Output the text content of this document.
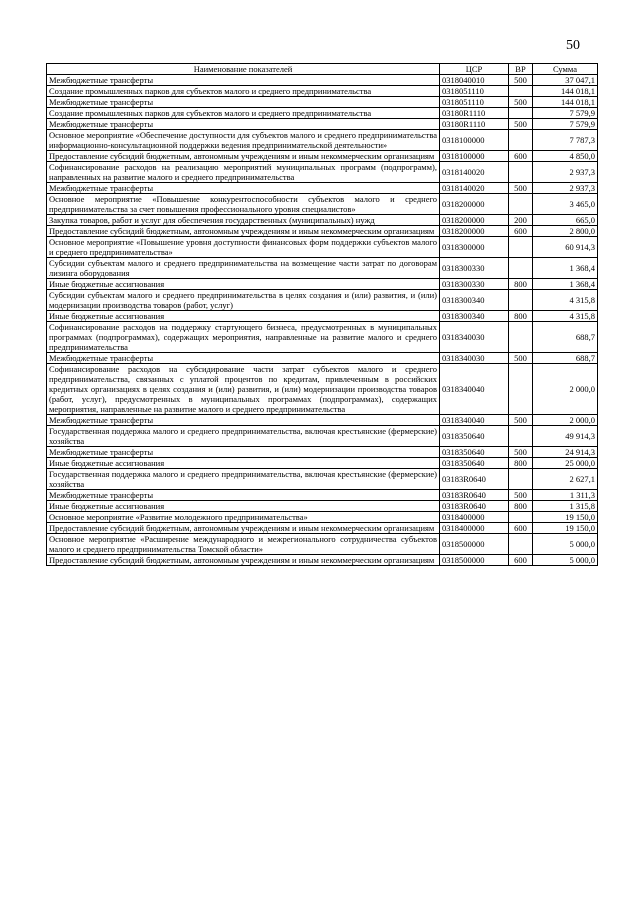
50
Наименование показателей	ЦСР	ВР	Сумма
Межбюджетные трансферты	0318040010	500	37 047,1
Создание промышленных парков для субъектов малого и среднего предпринимательства	0318051110		144 018,1
Межбюджетные трансферты	0318051110	500	144 018,1
Создание промышленных парков для субъектов малого и среднего предпринимательства	03180R1110		7 579,9
Межбюджетные трансферты	03180R1110	500	7 579,9
Основное мероприятие «Обеспечение доступности для субъектов малого и среднего предпринимательства информационно-консультационной поддержки ведения предпринимательской деятельности»	0318100000		7 787,3
Предоставление субсидий бюджетным, автономным учреждениям и иным некоммерческим организациям	0318100000	600	4 850,0
Софинансирование расходов на реализацию мероприятий муниципальных программ (подпрограмм), направленных на развитие малого и среднего предпринимательства	0318140020		2 937,3
Межбюджетные трансферты	0318140020	500	2 937,3
Основное мероприятие «Повышение конкурентоспособности субъектов малого и среднего предпринимательства за счет повышения профессионального уровня специалистов»	0318200000		3 465,0
Закупка товаров, работ и услуг для обеспечения государственных (муниципальных) нужд	0318200000	200	665,0
Предоставление субсидий бюджетным, автономным учреждениям и иным некоммерческим организациям	0318200000	600	2 800,0
Основное мероприятие «Повышение уровня доступности финансовых форм поддержки субъектов малого и среднего предпринимательства»	0318300000		60 914,3
Субсидии субъектам малого и среднего предпринимательства на возмещение части затрат по договорам лизинга оборудования	0318300330		1 368,4
Иные бюджетные ассигнования	0318300330	800	1 368,4
Субсидии субъектам малого и среднего предпринимательства в целях создания и (или) развития, и (или) модернизации производства товаров (работ, услуг)	0318300340		4 315,8
Иные бюджетные ассигнования	0318300340	800	4 315,8
Софинансирование расходов на поддержку стартующего бизнеса, предусмотренных в муниципальных программах (подпрограммах), содержащих мероприятия, направленные на развитие малого и среднего предпринимательства	0318340030		688,7
Межбюджетные трансферты	0318340030	500	688,7
Софинансирование расходов на субсидирование части затрат субъектов малого и среднего предпринимательства, связанных с уплатой процентов по кредитам, привлеченным в российских кредитных организациях в целях создания и (или) развития, и (или) модернизации производства товаров (работ, услуг), предусмотренных в муниципальных программах (подпрограммах), содержащих мероприятия, направленные на развитие малого и среднего предпринимательства	0318340040		2 000,0
Межбюджетные трансферты	0318340040	500	2 000,0
Государственная поддержка малого и среднего предпринимательства, включая крестьянские (фермерские) хозяйства	0318350640		49 914,3
Межбюджетные трансферты	0318350640	500	24 914,3
Иные бюджетные ассигнования	0318350640	800	25 000,0
Государственная поддержка малого и среднего предпринимательства, включая крестьянские (фермерские) хозяйства	03183R0640		2 627,1
Межбюджетные трансферты	03183R0640	500	1 311,3
Иные бюджетные ассигнования	03183R0640	800	1 315,8
Основное мероприятие «Развитие молодежного предпринимательства»	0318400000		19 150,0
Предоставление субсидий бюджетным, автономным учреждениям и иным некоммерческим организациям	0318400000	600	19 150,0
Основное мероприятие «Расширение международного и межрегионального сотрудничества субъектов малого и среднего предпринимательства Томской области»	0318500000		5 000,0
Предоставление субсидий бюджетным, автономным учреждениям и иным некоммерческим организациям	0318500000	600	5 000,0
